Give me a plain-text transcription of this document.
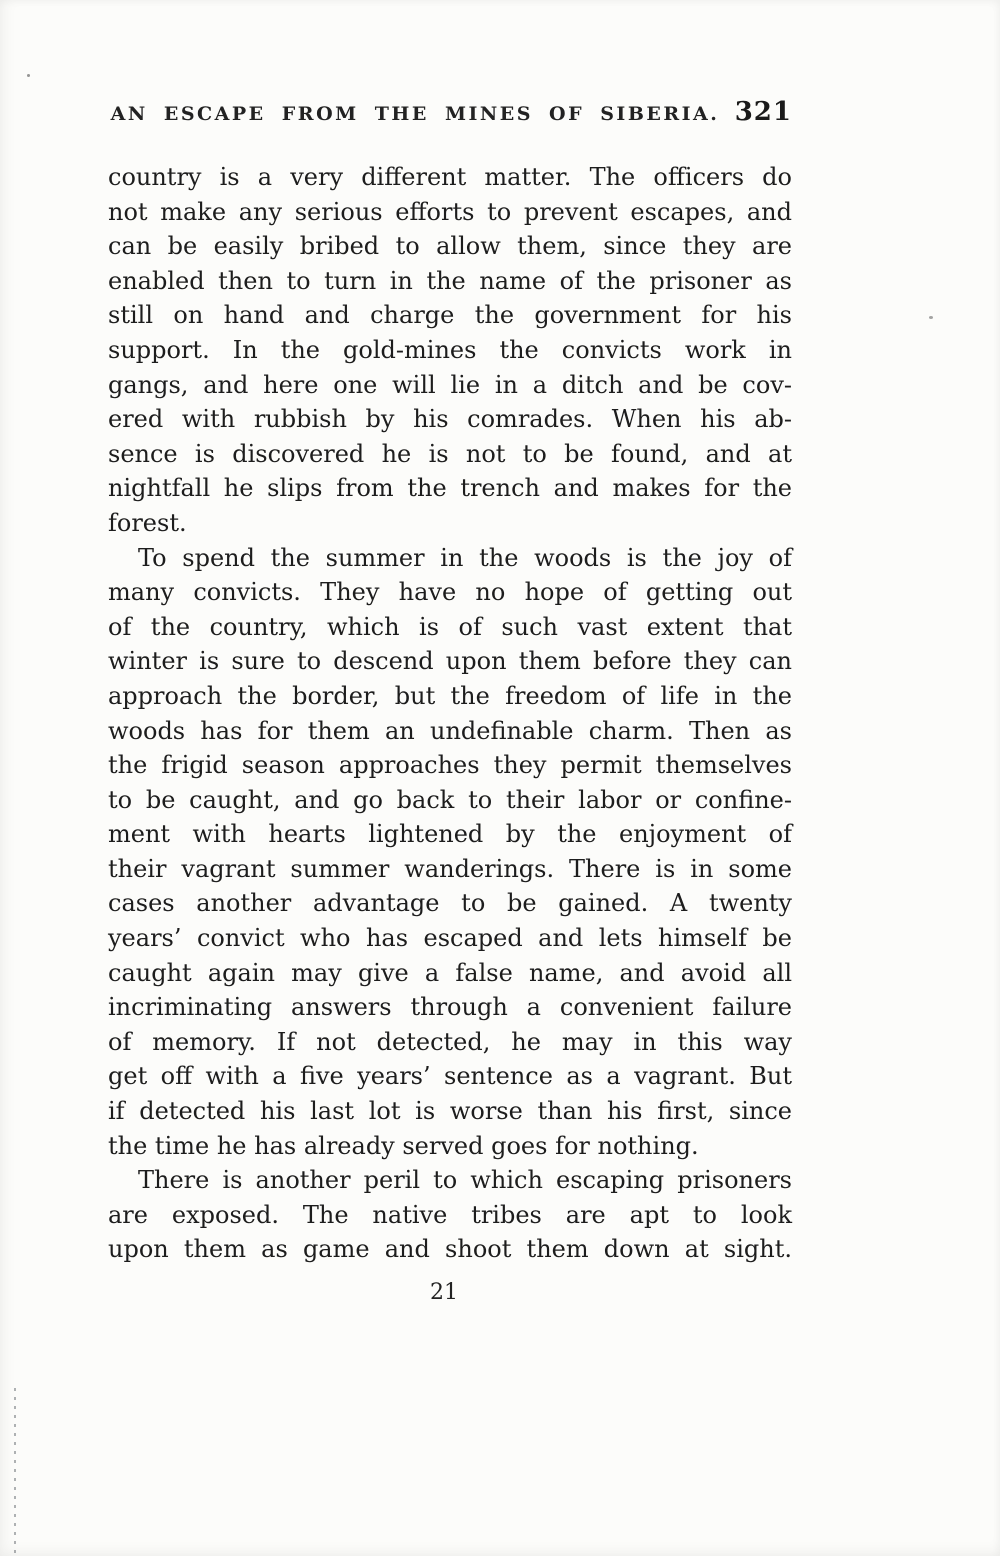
AN ESCAPE FROM THE MINES OF SIBERIA. 321
country is a very different matter. The officers do
not make any serious efforts to prevent escapes, and
can be easily bribed to allow them, since they are
enabled then to turn in the name of the prisoner as
still on hand and charge the government for his
support. In the gold-mines the convicts work in
gangs, and here one will lie in a ditch and be cov-
ered with rubbish by his comrades. When his ab-
sence is discovered he is not to be found, and at
nightfall he slips from the trench and makes for the
forest.
To spend the summer in the woods is the joy of
many convicts. They have no hope of getting out
of the country, which is of such vast extent that
winter is sure to descend upon them before they can
approach the border, but the freedom of life in the
woods has for them an undefinable charm. Then as
the frigid season approaches they permit themselves
to be caught, and go back to their labor or confine-
ment with hearts lightened by the enjoyment of
their vagrant summer wanderings. There is in some
cases another advantage to be gained. A twenty
years’ convict who has escaped and lets himself be
caught again may give a false name, and avoid all
incriminating answers through a convenient failure
of memory. If not detected, he may in this way
get off with a five years’ sentence as a vagrant. But
if detected his last lot is worse than his first, since
the time he has already served goes for nothing.
There is another peril to which escaping prisoners
are exposed. The native tribes are apt to look
upon them as game and shoot them down at sight.
21
